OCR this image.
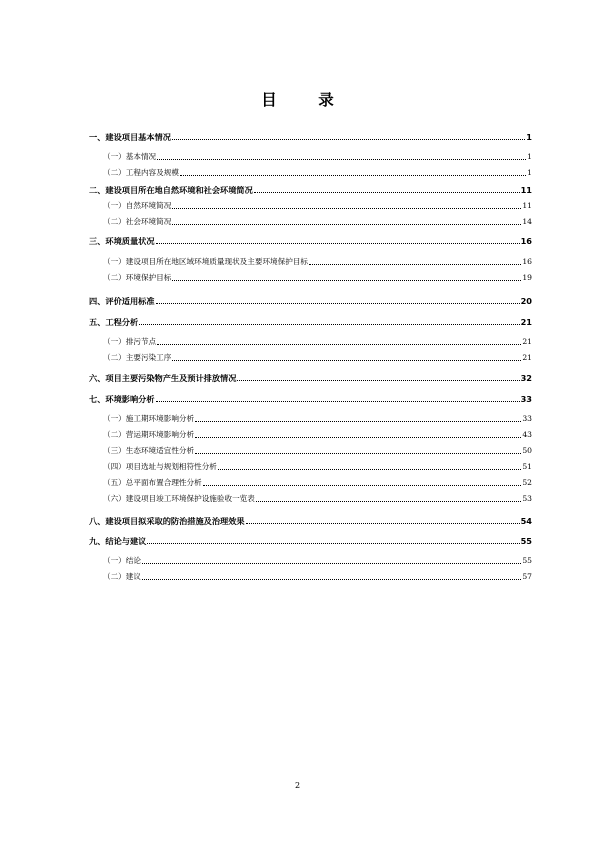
目 录
一、建设项目基本情况	1
（一）基本情况	1
（二）工程内容及规模	1
二、建设项目所在地自然环境和社会环境简况	11
（一）自然环境简况	11
（二）社会环境简况	14
三、环境质量状况	16
（一）建设项目所在地区域环境质量现状及主要环境保护目标	16
（二）环境保护目标	19
四、评价适用标准	20
五、工程分析	21
（一）排污节点	21
（二）主要污染工序	21
六、项目主要污染物产生及预计排放情况	32
七、环境影响分析	33
（一）施工期环境影响分析	33
（二）营运期环境影响分析	43
（三）生态环境适宜性分析	50
（四）项目选址与规划相符性分析	51
（五）总平面布置合理性分析	52
（六）建设项目竣工环境保护设施验收一览表	53
八、建设项目拟采取的防治措施及治理效果	54
九、结论与建议	55
（一）结论	55
（二）建议	57
2
